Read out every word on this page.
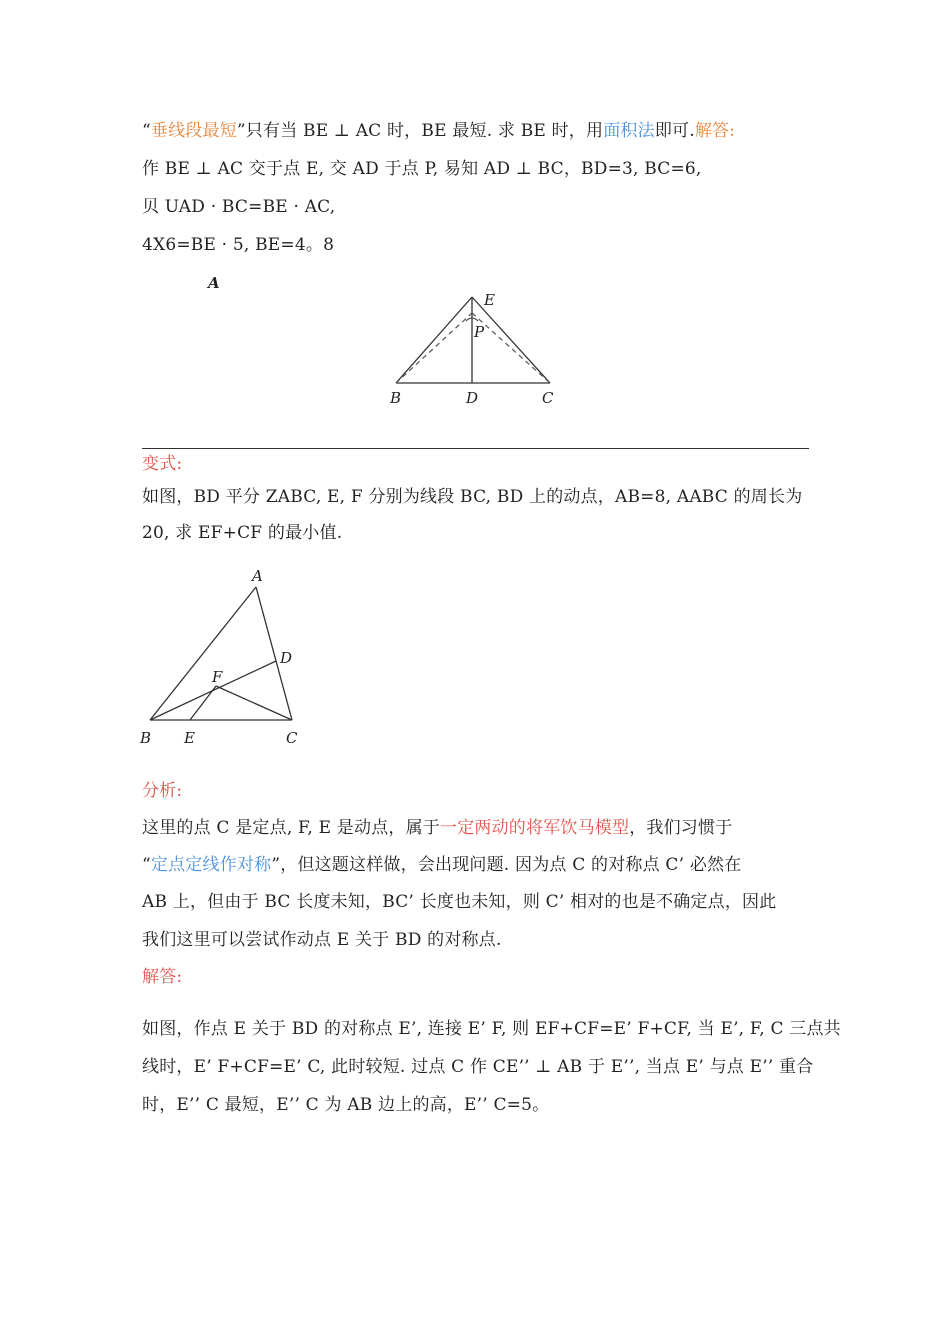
“垂线段最短”只有当 BE ⊥ AC 时，BE 最短. 求 BE 时，用面积法即可.解答:
作 BE ⊥ AC 交于点 E, 交 AD 于点 P, 易知 AD ⊥ BC，BD=3, BC=6,
贝 UAD · BC=BE · AC,
4X6=BE · 5, BE=4。8
A
E
P
B	D	C
变式:
如图，BD 平分 ZABC, E, F 分别为线段 BC, BD 上的动点，AB=8, AABC 的周长为
20, 求 EF+CF 的最小值.
A
D
F
B E	C
分析:
这里的点 C 是定点, F, E 是动点，属于一定两动的将军饮马模型，我们习惯于
“定点定线作对称”，但这题这样做，会出现问题. 因为点 C 的对称点 C’ 必然在
AB 上，但由于 BC 长度未知，BC’ 长度也未知，则 C’ 相对的也是不确定点，因此
我们这里可以尝试作动点 E 关于 BD 的对称点.
解答:
如图，作点 E 关于 BD 的对称点 E’, 连接 E’ F, 则 EF+CF=E’ F+CF, 当 E’, F, C 三点共
线时，E’ F+CF=E’ C, 此时较短. 过点 C 作 CE’’ ⊥ AB 于 E’’, 当点 E’ 与点 E’’ 重合
时，E’’ C 最短，E’’ C 为 AB 边上的高，E’’ C=5。
